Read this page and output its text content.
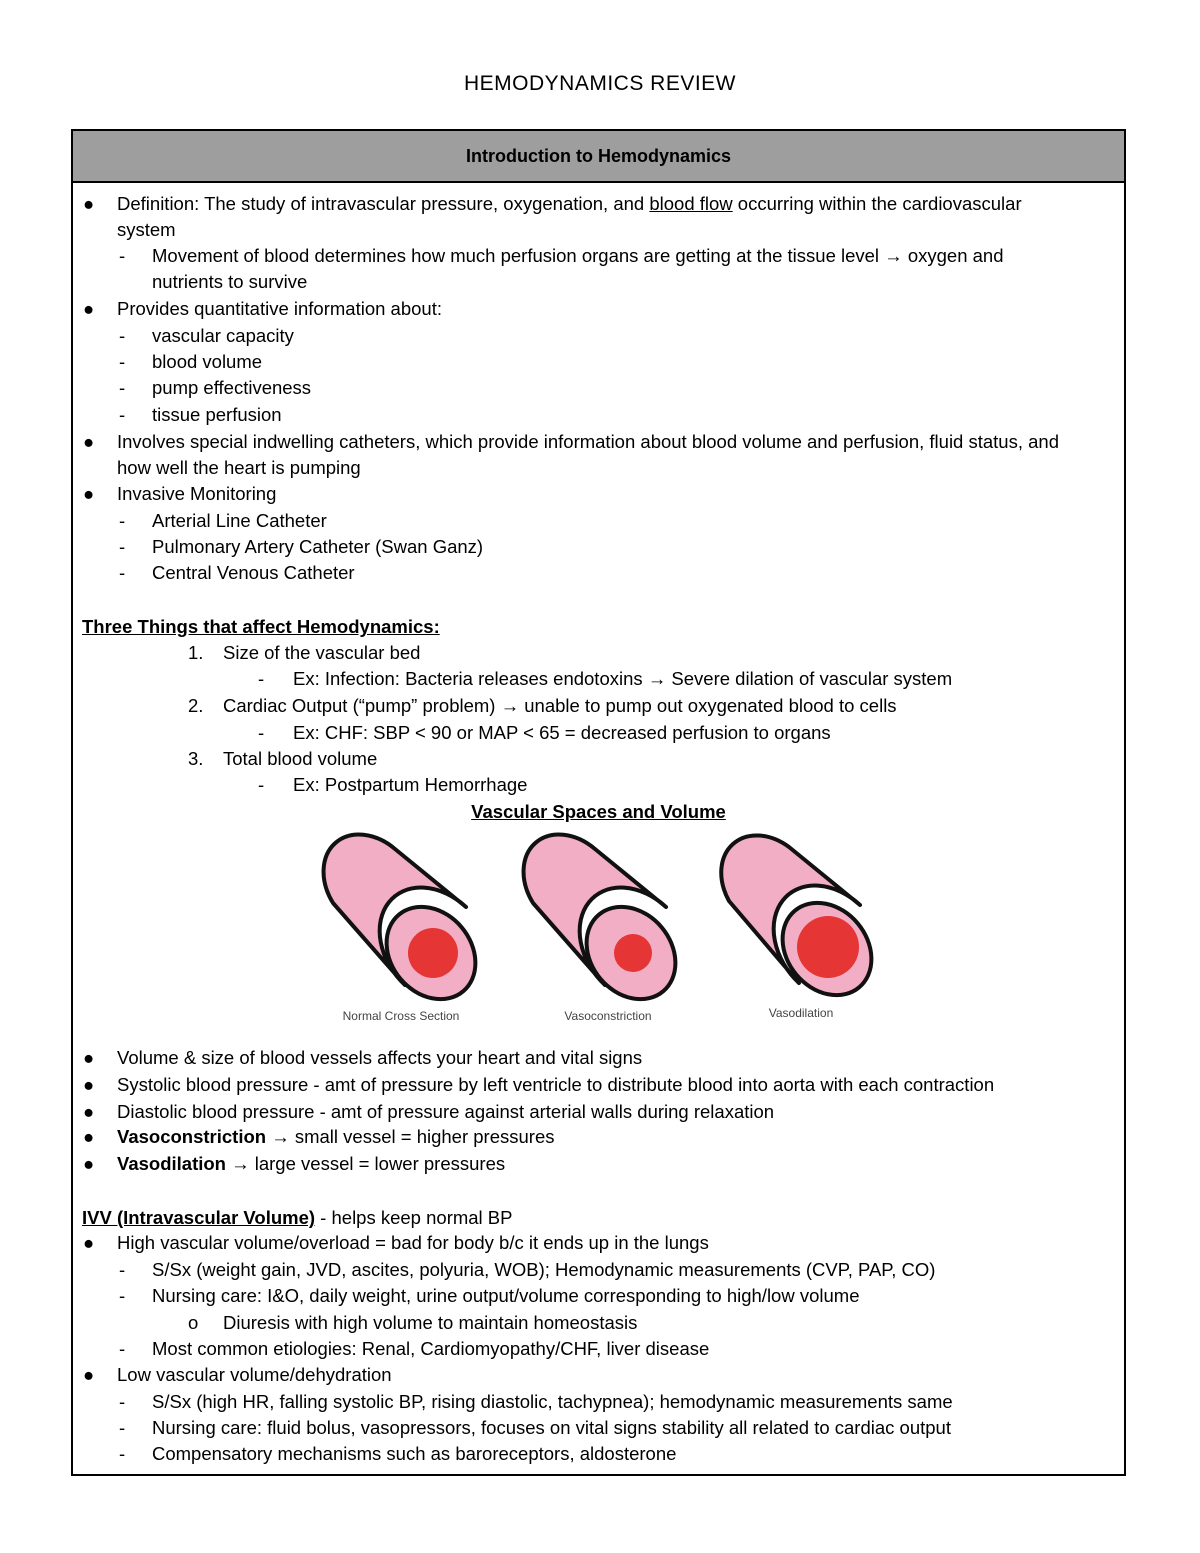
HEMODYNAMICS REVIEW
Introduction to Hemodynamics
● Definition: The study of intravascular pressure, oxygenation, and blood flow occurring within the cardiovascular
system
- Movement of blood determines how much perfusion organs are getting at the tissue level → oxygen and
nutrients to survive
● Provides quantitative information about:
- vascular capacity
- blood volume
- pump effectiveness
- tissue perfusion
● Involves special indwelling catheters, which provide information about blood volume and perfusion, fluid status, and
how well the heart is pumping
● Invasive Monitoring
- Arterial Line Catheter
- Pulmonary Artery Catheter (Swan Ganz)
- Central Venous Catheter
Three Things that affect Hemodynamics:
1. Size of the vascular bed
- Ex: Infection: Bacteria releases endotoxins → Severe dilation of vascular system
2. Cardiac Output (“pump” problem) → unable to pump out oxygenated blood to cells
- Ex: CHF: SBP < 90 or MAP < 65 = decreased perfusion to organs
3. Total blood volume
- Ex: Postpartum Hemorrhage
Vascular Spaces and Volume
Normal Cross Section	Vasoconstriction	Vasodilation
● Volume & size of blood vessels affects your heart and vital signs
● Systolic blood pressure - amt of pressure by left ventricle to distribute blood into aorta with each contraction
● Diastolic blood pressure - amt of pressure against arterial walls during relaxation
● Vasoconstriction → small vessel = higher pressures
● Vasodilation → large vessel = lower pressures
IVV (Intravascular Volume) - helps keep normal BP
● High vascular volume/overload = bad for body b/c it ends up in the lungs
- S/Sx (weight gain, JVD, ascites, polyuria, WOB); Hemodynamic measurements (CVP, PAP, CO)
- Nursing care: I&O, daily weight, urine output/volume corresponding to high/low volume
o Diuresis with high volume to maintain homeostasis
- Most common etiologies: Renal, Cardiomyopathy/CHF, liver disease
● Low vascular volume/dehydration
- S/Sx (high HR, falling systolic BP, rising diastolic, tachypnea); hemodynamic measurements same
- Nursing care: fluid bolus, vasopressors, focuses on vital signs stability all related to cardiac output
- Compensatory mechanisms such as baroreceptors, aldosterone
